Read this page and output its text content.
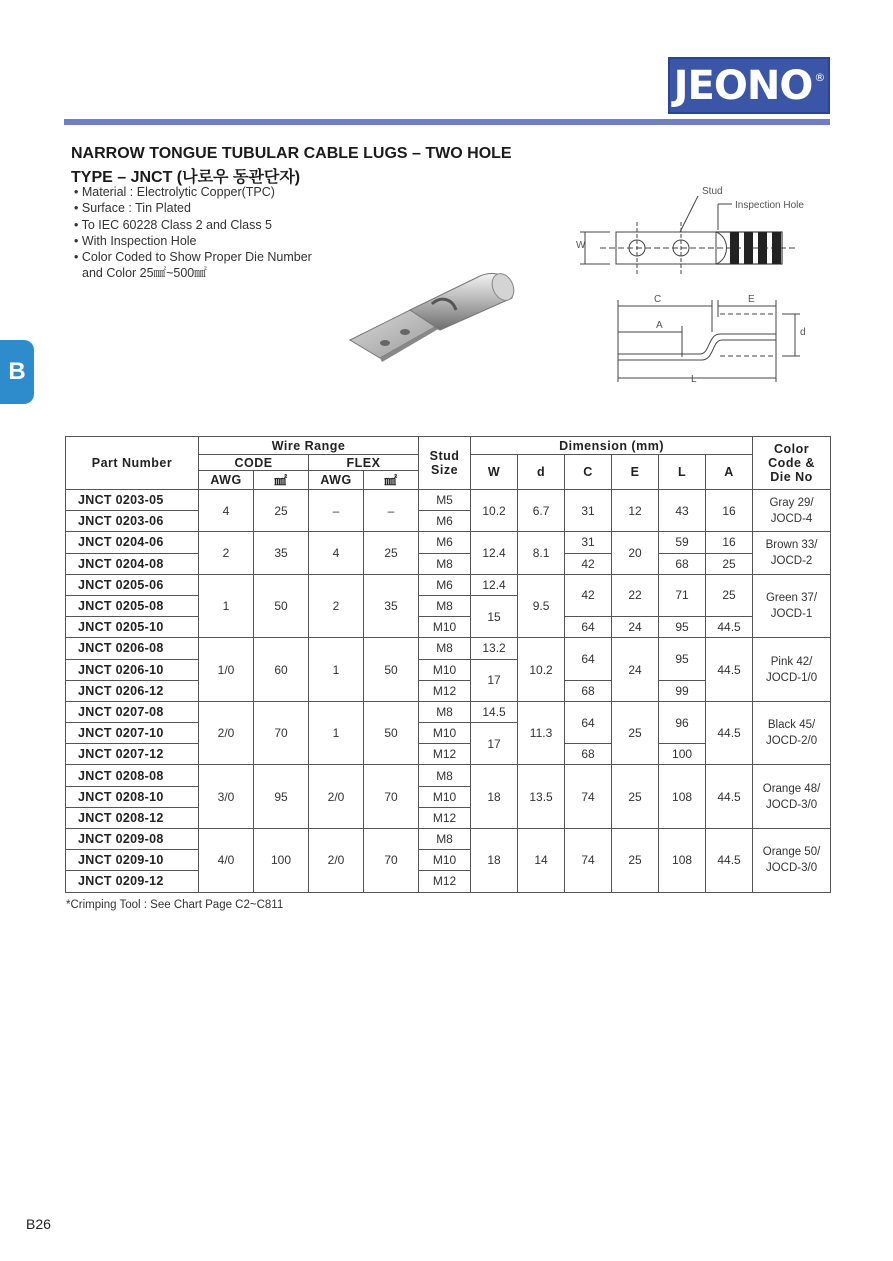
JEONO®
NARROW TONGUE TUBULAR CABLE LUGS – TWO HOLE
TYPE – JNCT (나로우 동관단자)
• Material : Electrolytic Copper(TPC)
• Surface : Tin Plated
• To IEC 60228 Class 2 and Class 5
• With Inspection Hole
• Color Coded to Show Proper Die Number
and Color 25㎟~500㎟
B
Stud
Inspection Hole
W
C	E
A
d
L
Part Number	Wire Range				Stud
Size	Dimension (mm)						Color
Code &
Die No
	CODE		FLEX			W	d	C	E	L	A	
	AWG	㎟	AWG	㎟								
JNCT 0203-05	4	25	–	–	M5	10.2	6.7	31	12	43	16	Gray 29/
JOCD-4
JNCT 0203-06					M6							
JNCT 0204-06	2	35	4	25	M6	12.4	8.1	31	20	59	16	Brown 33/
JOCD-2
JNCT 0204-08					M8			42		68	25	
JNCT 0205-06	1	50	2	35	M6	12.4	9.5	42	22	71	25	Green 37/
JOCD-1
JNCT 0205-08					M8	15						
JNCT 0205-10					M10			64	24	95	44.5	
JNCT 0206-08	1/0	60	1	50	M8	13.2	10.2	64	24	95	44.5	Pink 42/
JOCD-1/0
JNCT 0206-10					M10	17						
JNCT 0206-12					M12			68		99		
JNCT 0207-08	2/0	70	1	50	M8	14.5	11.3	64	25	96	44.5	Black 45/
JOCD-2/0
JNCT 0207-10					M10	17						
JNCT 0207-12					M12			68		100		
JNCT 0208-08	3/0	95	2/0	70	M8	18	13.5	74	25	108	44.5	Orange 48/
JOCD-3/0
JNCT 0208-10					M10							
JNCT 0208-12					M12							
JNCT 0209-08	4/0	100	2/0	70	M8	18	14	74	25	108	44.5	Orange 50/
JOCD-3/0
JNCT 0209-10					M10							
JNCT 0209-12					M12							
*Crimping Tool : See Chart Page C2~C811
B26
